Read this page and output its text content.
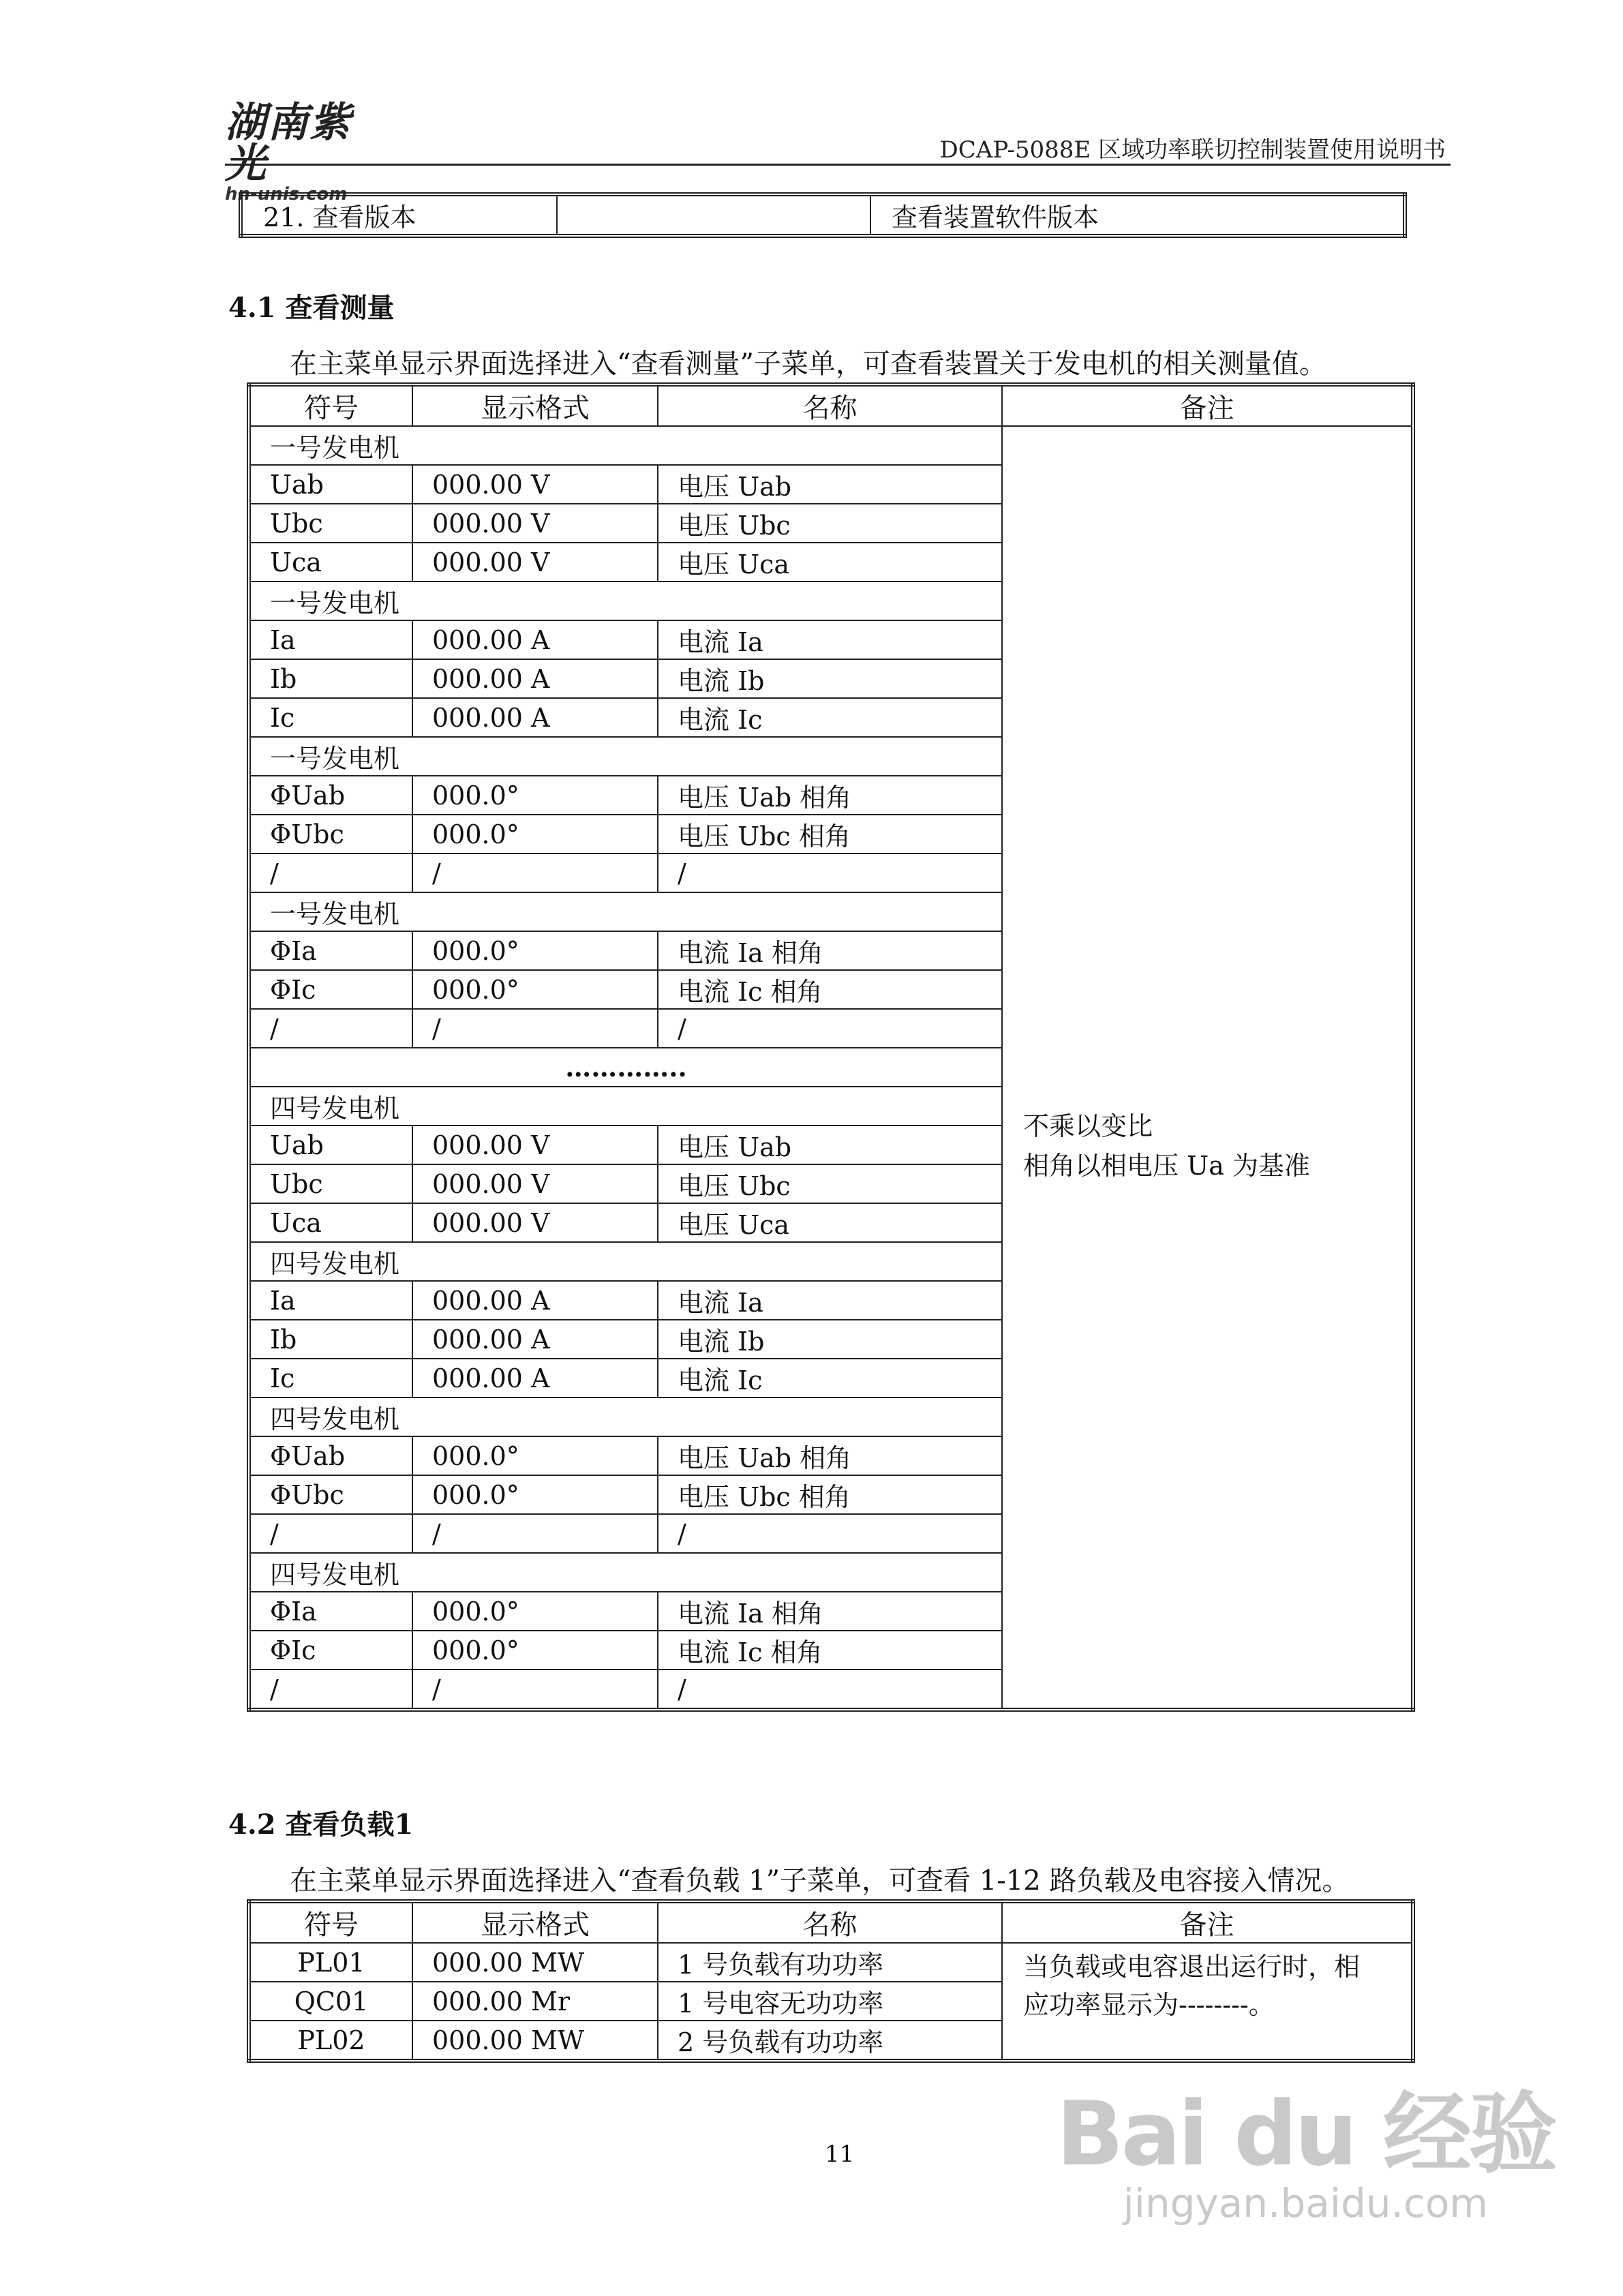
湖南紫光
hn-unis.com
DCAP-5088E 区域功率联切控制装置使用说明书
21. 查看版本		查看装置软件版本
4.1 查看测量
在主菜单显示界面选择进入“查看测量”子菜单，可查看装置关于发电机的相关测量值。
符号	显示格式	名称	备注
一号发电机			不乘以变比
相角以相电压 Ua 为基准
Uab	000.00 V	电压 Uab	
Ubc	000.00 V	电压 Ubc	
Uca	000.00 V	电压 Uca	
一号发电机			
Ia	000.00 A	电流 Ia	
Ib	000.00 A	电流 Ib	
Ic	000.00 A	电流 Ic	
一号发电机			
ΦUab	000.0°	电压 Uab 相角	
ΦUbc	000.0°	电压 Ubc 相角	
/	/	/	
一号发电机			
ΦIa	000.0°	电流 Ia 相角	
ΦIc	000.0°	电流 Ic 相角	
/	/	/	
…………..			
四号发电机			
Uab	000.00 V	电压 Uab	
Ubc	000.00 V	电压 Ubc	
Uca	000.00 V	电压 Uca	
四号发电机			
Ia	000.00 A	电流 Ia	
Ib	000.00 A	电流 Ib	
Ic	000.00 A	电流 Ic	
四号发电机			
ΦUab	000.0°	电压 Uab 相角	
ΦUbc	000.0°	电压 Ubc 相角	
/	/	/	
四号发电机			
ΦIa	000.0°	电流 Ia 相角	
ΦIc	000.0°	电流 Ic 相角	
/	/	/	
4.2 查看负载1
在主菜单显示界面选择进入“查看负载 1”子菜单，可查看 1-12 路负载及电容接入情况。
符号	显示格式	名称	备注
PL01	000.00 MW	1 号负载有功功率	当负载或电容退出运行时，相
应功率显示为--------。
QC01	000.00 Mr	1 号电容无功功率	
PL02	000.00 MW	2 号负载有功功率	
11 Bai du 经验
jingyan.baidu.com
